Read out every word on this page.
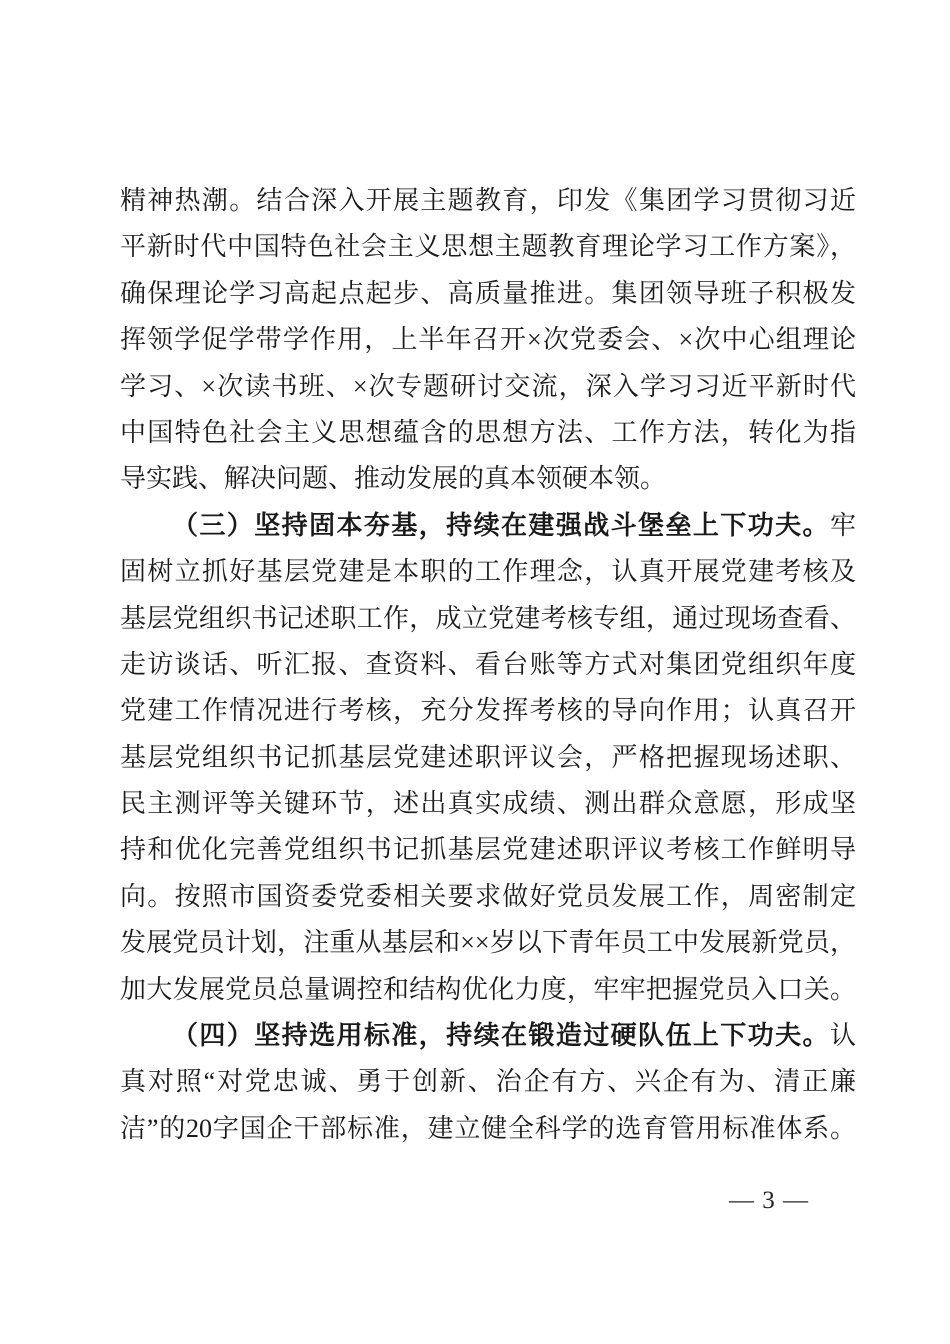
精神热潮。结合深入开展主题教育，印发《集团学习贯彻习近
平新时代中国特色社会主义思想主题教育理论学习工作方案》，
确保理论学习高起点起步、高质量推进。集团领导班子积极发
挥领学促学带学作用，上半年召开×次党委会、×次中心组理论
学习、×次读书班、×次专题研讨交流，深入学习习近平新时代
中国特色社会主义思想蕴含的思想方法、工作方法，转化为指
导实践、解决问题、推动发展的真本领硬本领。
（三）坚持固本夯基，持续在建强战斗堡垒上下功夫。牢
固树立抓好基层党建是本职的工作理念，认真开展党建考核及
基层党组织书记述职工作，成立党建考核专组，通过现场查看、
走访谈话、听汇报、查资料、看台账等方式对集团党组织年度
党建工作情况进行考核，充分发挥考核的导向作用；认真召开
基层党组织书记抓基层党建述职评议会，严格把握现场述职、
民主测评等关键环节，述出真实成绩、测出群众意愿，形成坚
持和优化完善党组织书记抓基层党建述职评议考核工作鲜明导
向。按照市国资委党委相关要求做好党员发展工作，周密制定
发展党员计划，注重从基层和××岁以下青年员工中发展新党员，
加大发展党员总量调控和结构优化力度，牢牢把握党员入口关。
（四）坚持选用标准，持续在锻造过硬队伍上下功夫。认
真对照“对党忠诚、勇于创新、治企有方、兴企有为、清正廉
洁”的20字国企干部标准，建立健全科学的选育管用标准体系。
— 3 —
